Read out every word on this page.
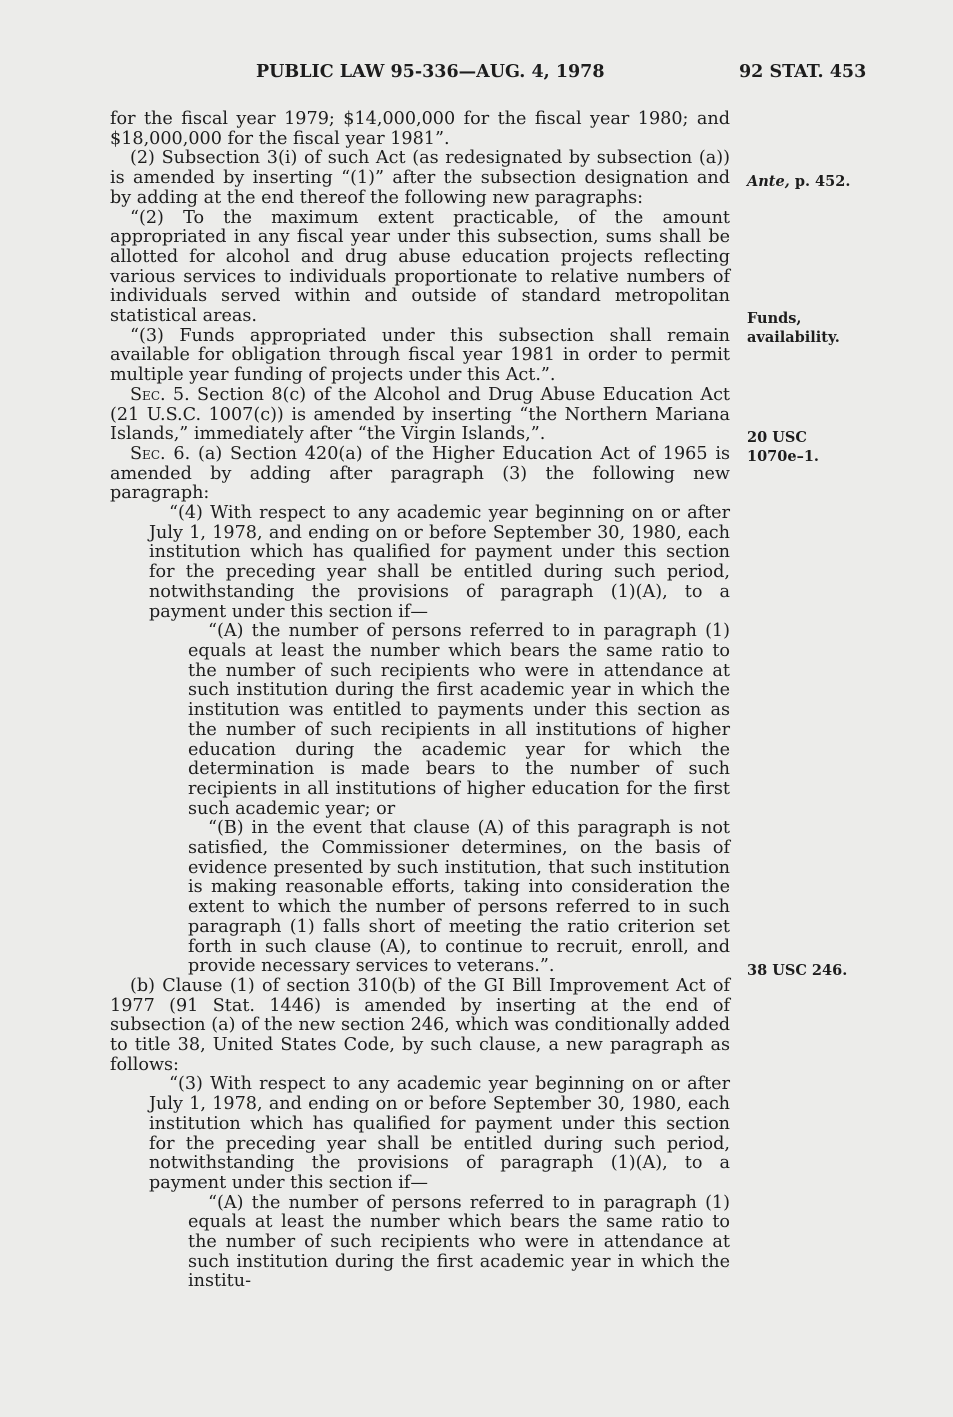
PUBLIC LAW 95-336—AUG. 4, 1978	92 STAT. 453

for the fiscal year 1979; $14,000,000 for the fiscal year 1980; and $18,000,000 for the fiscal year 1981”.

(2) Subsection 3(i) of such Act (as redesignated by subsection (a)) is amended by inserting “(1)” after the subsection designation and by adding at the end thereof the following new paragraphs:

“(2) To the maximum extent practicable, of the amount appropriated in any fiscal year under this subsection, sums shall be allotted for alcohol and drug abuse education projects reflecting various services to individuals proportionate to relative numbers of individuals served within and outside of standard metropolitan statistical areas.

“(3) Funds appropriated under this subsection shall remain available for obligation through fiscal year 1981 in order to permit multiple year funding of projects under this Act.”.

Sec. 5. Section 8(c) of the Alcohol and Drug Abuse Education Act (21 U.S.C. 1007(c)) is amended by inserting “the Northern Mariana Islands,” immediately after “the Virgin Islands,”.

Sec. 6. (a) Section 420(a) of the Higher Education Act of 1965 is amended by adding after paragraph (3) the following new paragraph:

“(4) With respect to any academic year beginning on or after July 1, 1978, and ending on or before September 30, 1980, each institution which has qualified for payment under this section for the preceding year shall be entitled during such period, notwithstanding the provisions of paragraph (1)(A), to a payment under this section if—

“(A) the number of persons referred to in paragraph (1) equals at least the number which bears the same ratio to the number of such recipients who were in attendance at such institution during the first academic year in which the institution was entitled to payments under this section as the number of such recipients in all institutions of higher education during the academic year for which the determination is made bears to the number of such recipients in all institutions of higher education for the first such academic year; or

“(B) in the event that clause (A) of this paragraph is not satisfied, the Commissioner determines, on the basis of evidence presented by such institution, that such institution is making reasonable efforts, taking into consideration the extent to which the number of persons referred to in such paragraph (1) falls short of meeting the ratio criterion set forth in such clause (A), to continue to recruit, enroll, and provide necessary services to veterans.”.

(b) Clause (1) of section 310(b) of the GI Bill Improvement Act of 1977 (91 Stat. 1446) is amended by inserting at the end of subsection (a) of the new section 246, which was conditionally added to title 38, United States Code, by such clause, a new paragraph as follows:

“(3) With respect to any academic year beginning on or after July 1, 1978, and ending on or before September 30, 1980, each institution which has qualified for payment under this section for the preceding year shall be entitled during such period, notwithstanding the provisions of paragraph (1)(A), to a payment under this section if—

“(A) the number of persons referred to in paragraph (1) equals at least the number which bears the same ratio to the number of such recipients who were in attendance at such institution during the first academic year in which the institu-

Ante, p. 452.
Funds,
availability.
20 USC
1070e–1.
38 USC 246.
